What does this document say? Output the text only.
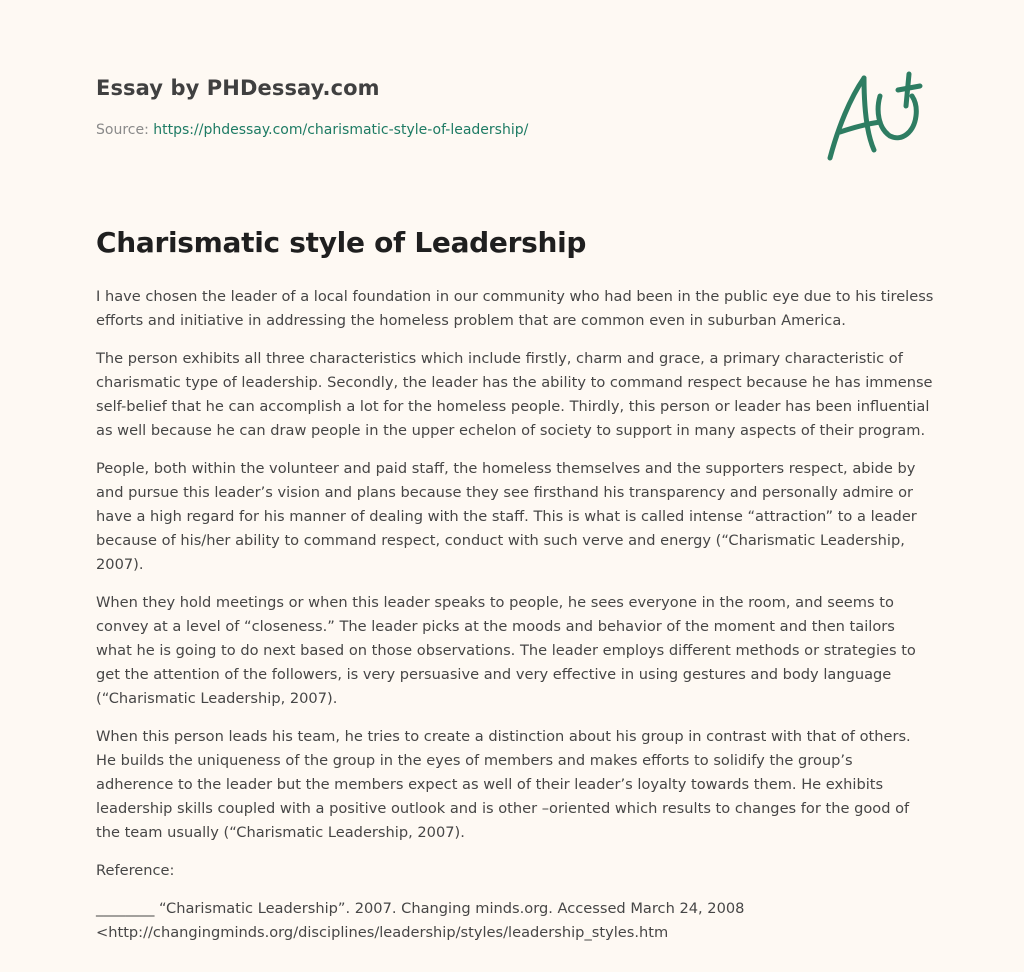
Essay by PHDessay.com
Source: https://phdessay.com/charismatic-style-of-leadership/
Charismatic style of Leadership

I have chosen the leader of a local foundation in our community who had been in the public eye due to his tireless efforts and initiative in addressing the homeless problem that are common even in suburban America.

The person exhibits all three characteristics which include firstly, charm and grace, a primary characteristic of charismatic type of leadership. Secondly, the leader has the ability to command respect because he has immense self-belief that he can accomplish a lot for the homeless people. Thirdly, this person or leader has been influential as well because he can draw people in the upper echelon of society to support in many aspects of their program.

People, both within the volunteer and paid staff, the homeless themselves and the supporters respect, abide by and pursue this leader’s vision and plans because they see firsthand his transparency and personally admire or have a high regard for his manner of dealing with the staff. This is what is called intense “attraction” to a leader because of his/her ability to command respect, conduct with such verve and energy (“Charismatic Leadership, 2007).

When they hold meetings or when this leader speaks to people, he sees everyone in the room, and seems to convey at a level of “closeness.” The leader picks at the moods and behavior of the moment and then tailors what he is going to do next based on those observations. The leader employs different methods or strategies to get the attention of the followers, is very persuasive and very effective in using gestures and body language (“Charismatic Leadership, 2007).

When this person leads his team, he tries to create a distinction about his group in contrast with that of others. He builds the uniqueness of the group in the eyes of members and makes efforts to solidify the group’s adherence to the leader but the members expect as well of their leader’s loyalty towards them. He exhibits leadership skills coupled with a positive outlook and is other –oriented which results to changes for the good of the team usually (“Charismatic Leadership, 2007).

Reference:

________ “Charismatic Leadership”. 2007. Changing minds.org. Accessed March 24, 2008
<http://changingminds.org/disciplines/leadership/styles/leadership_styles.htm
